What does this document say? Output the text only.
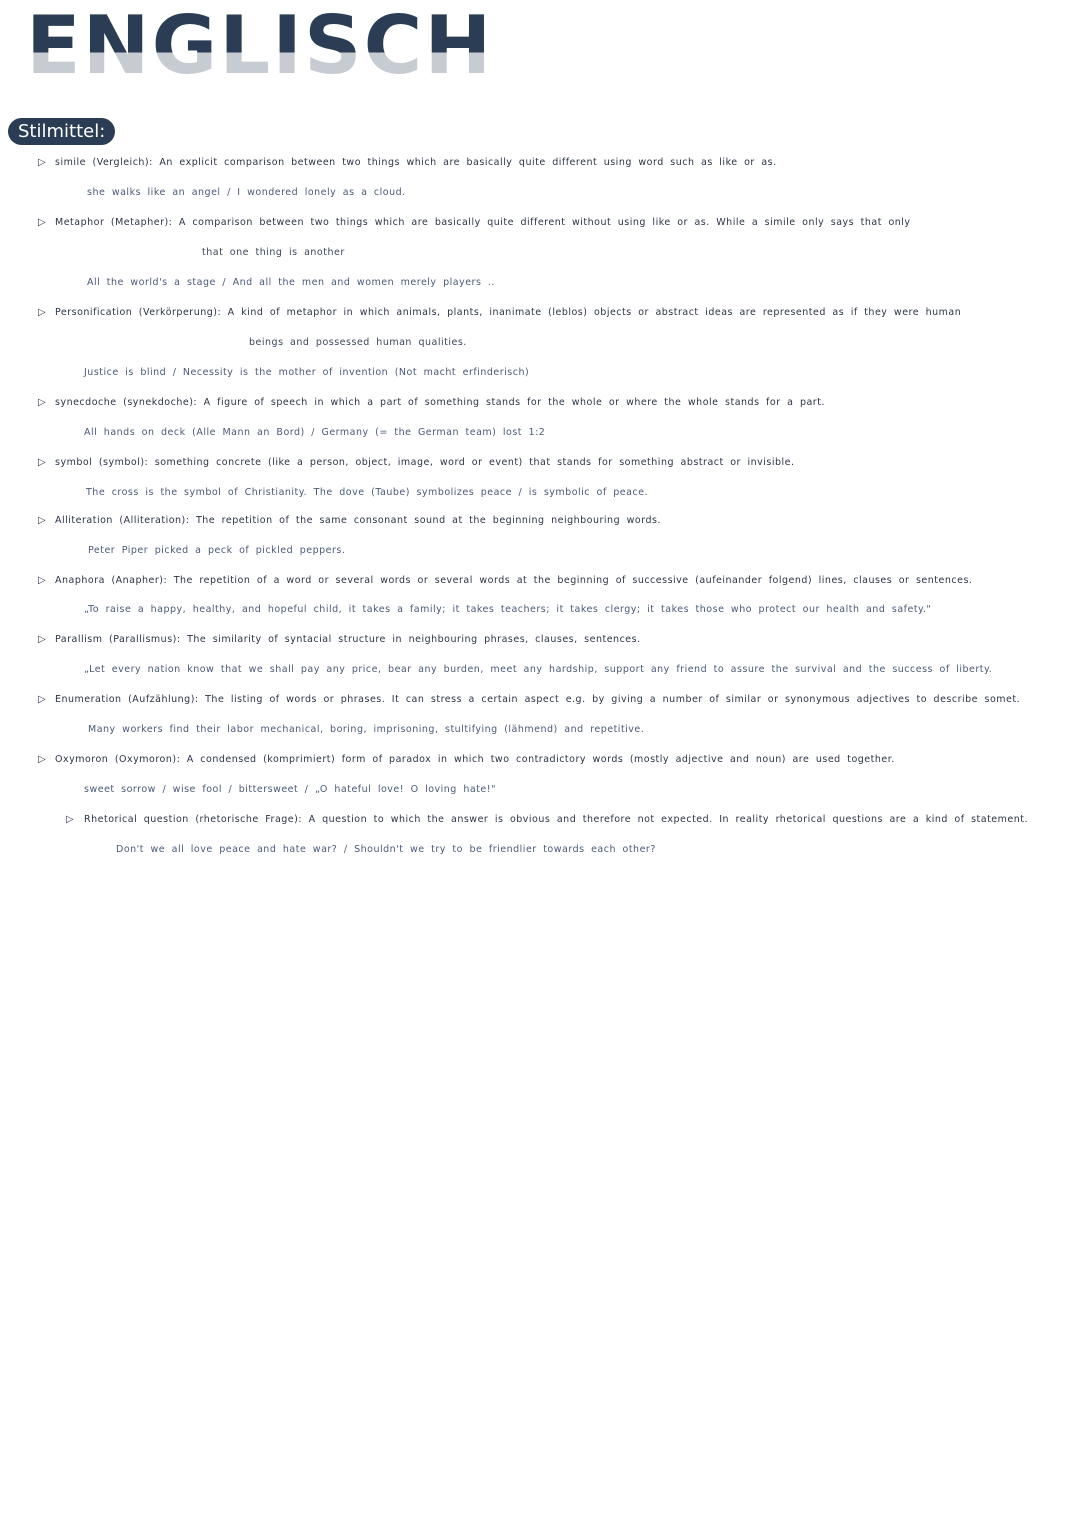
ENGLISCH
Stilmittel:
▷ simile (Vergleich): An explicit comparison between two things which are basically quite different using word such as like or as.
she walks like an angel / I wondered lonely as a cloud.
▷ Metaphor (Metapher): A comparison between two things which are basically quite different without using like or as. While a simile only says that only
that one thing is another
All the world's a stage / And all the men and women merely players ..
▷ Personification (Verkörperung): A kind of metaphor in which animals, plants, inanimate (leblos) objects or abstract ideas are represented as if they were human
beings and possessed human qualities.
Justice is blind / Necessity is the mother of invention (Not macht erfinderisch)
▷ synecdoche (synekdoche): A figure of speech in which a part of something stands for the whole or where the whole stands for a part.
All hands on deck (Alle Mann an Bord) / Germany (= the German team) lost 1:2
▷ symbol (symbol): something concrete (like a person, object, image, word or event) that stands for something abstract or invisible.
The cross is the symbol of Christianity. The dove (Taube) symbolizes peace / is symbolic of peace.
▷ Alliteration (Alliteration): The repetition of the same consonant sound at the beginning neighbouring words.
Peter Piper picked a peck of pickled peppers.
▷ Anaphora (Anapher): The repetition of a word or several words or several words at the beginning of successive (aufeinander folgend) lines, clauses or sentences.
„To raise a happy, healthy, and hopeful child, it takes a family; it takes teachers; it takes clergy; it takes those who protect our health and safety."
▷ Parallism (Parallismus): The similarity of syntacial structure in neighbouring phrases, clauses, sentences.
„Let every nation know that we shall pay any price, bear any burden, meet any hardship, support any friend to assure the survival and the success of liberty.
▷ Enumeration (Aufzählung): The listing of words or phrases. It can stress a certain aspect e.g. by giving a number of similar or synonymous adjectives to describe somet.
Many workers find their labor mechanical, boring, imprisoning, stultifying (lähmend) and repetitive.
▷ Oxymoron (Oxymoron): A condensed (komprimiert) form of paradox in which two contradictory words (mostly adjective and noun) are used together.
sweet sorrow / wise fool / bittersweet / „O hateful love! O loving hate!"
▷ Rhetorical question (rhetorische Frage): A question to which the answer is obvious and therefore not expected. In reality rhetorical questions are a kind of statement.
Don't we all love peace and hate war? / Shouldn't we try to be friendlier towards each other?
